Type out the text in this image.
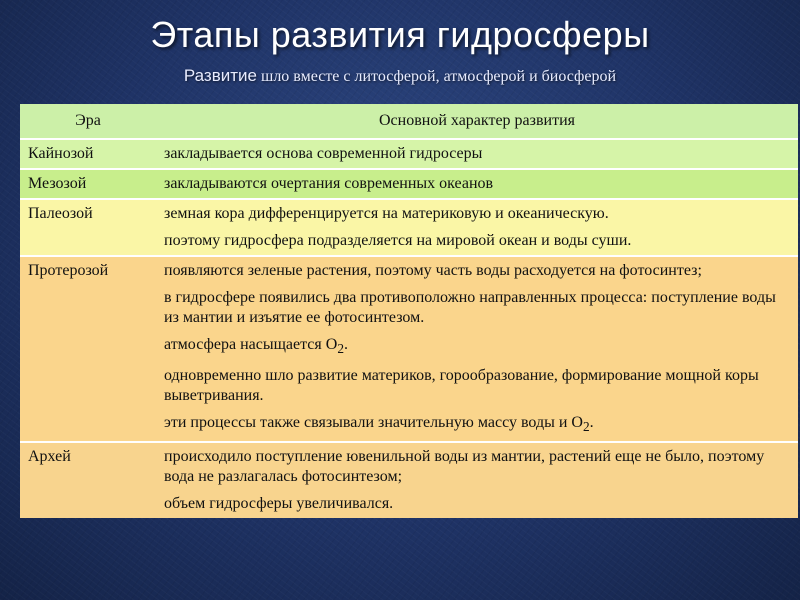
Этапы развития гидросферы
Развитие шло вместе с литосферой, атмосферой и биосферой
Эра	Основной характер развития
Кайнозой	закладывается основа современной гидросеры

Мезозой	закладываются очертания современных океанов

Палеозой	земная кора дифференцируется на материковую и океаническую.
поэтому гидросфера подразделяется на мировой океан и воды суши.

Протерозой	появляются зеленые растения, поэтому часть воды расходуется на фотосинтез;
в гидросфере появились два противоположно направленных процесса: поступление воды из мантии и изъятие ее фотосинтезом.
атмосфера насыщается $О_2$.
одновременно шло развитие материков, горообразование, формирование мощной коры выветривания.
эти процессы также связывали значительную массу воды и $О_2$.

Архей	происходило поступление ювенильной воды из мантии, растений еще не было, поэтому вода не разлагалась фотосинтезом;
объем гидросферы увеличивался.
